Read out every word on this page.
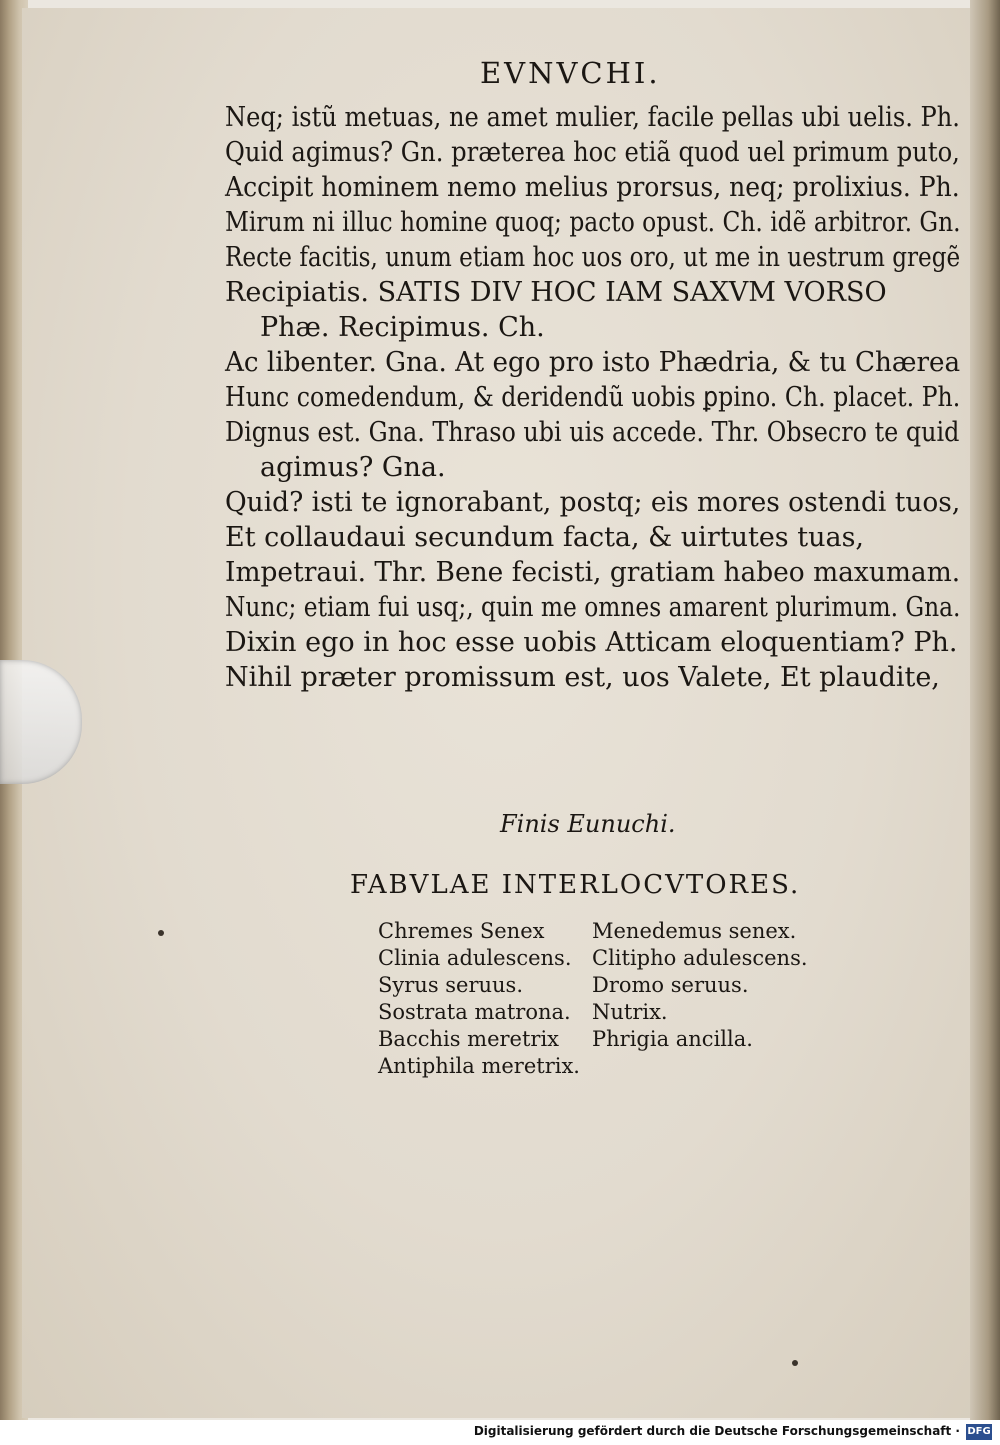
EVNVCHI.
Neq; istũ metuas, ne amet mulier, facile pellas ubi uelis. Ph.
Quid agimus? Gn. præterea hoc etiã quod uel primum puto,
Accipit hominem nemo melius prorsus, neq; prolixius. Ph.
Mirum ni illuc homine quoq; pacto opust. Ch. idẽ arbitror. Gn.
Recte facitis, unum etiam hoc uos oro, ut me in uestrum gregẽ
Recipiatis. SATIS DIV HOC IAM SAXVM VORSO
Phæ. Recipimus. Ch.
Ac libenter. Gna. At ego pro isto Phædria, & tu Chærea
Hunc comedendum, & deridendũ uobis ꝑpino. Ch. placet. Ph.
Dignus est. Gna. Thraso ubi uis accede. Thr. Obsecro te quid
agimus? Gna.
Quid? isti te ignorabant, postq; eis mores ostendi tuos,
Et collaudaui secundum facta, & uirtutes tuas,
Impetraui. Thr. Bene fecisti, gratiam habeo maxumam.
Nunc; etiam fui usq;, quin me omnes amarent plurimum. Gna.
Dixin ego in hoc esse uobis Atticam eloquentiam? Ph.
Nihil præter promissum est, uos Valete, Et plaudite,
Finis Eunuchi.
FABVLAE INTERLOCVTORES.
Chremes Senex
Clinia adulescens.
Syrus seruus.
Sostrata matrona.
Bacchis meretrix
Antiphila meretrix.
Menedemus senex.
Clitipho adulescens.
Dromo seruus.
Nutrix.
Phrigia ancilla.
Digitalisierung gefördert durch die Deutsche Forschungsgemeinschaft · DFG
